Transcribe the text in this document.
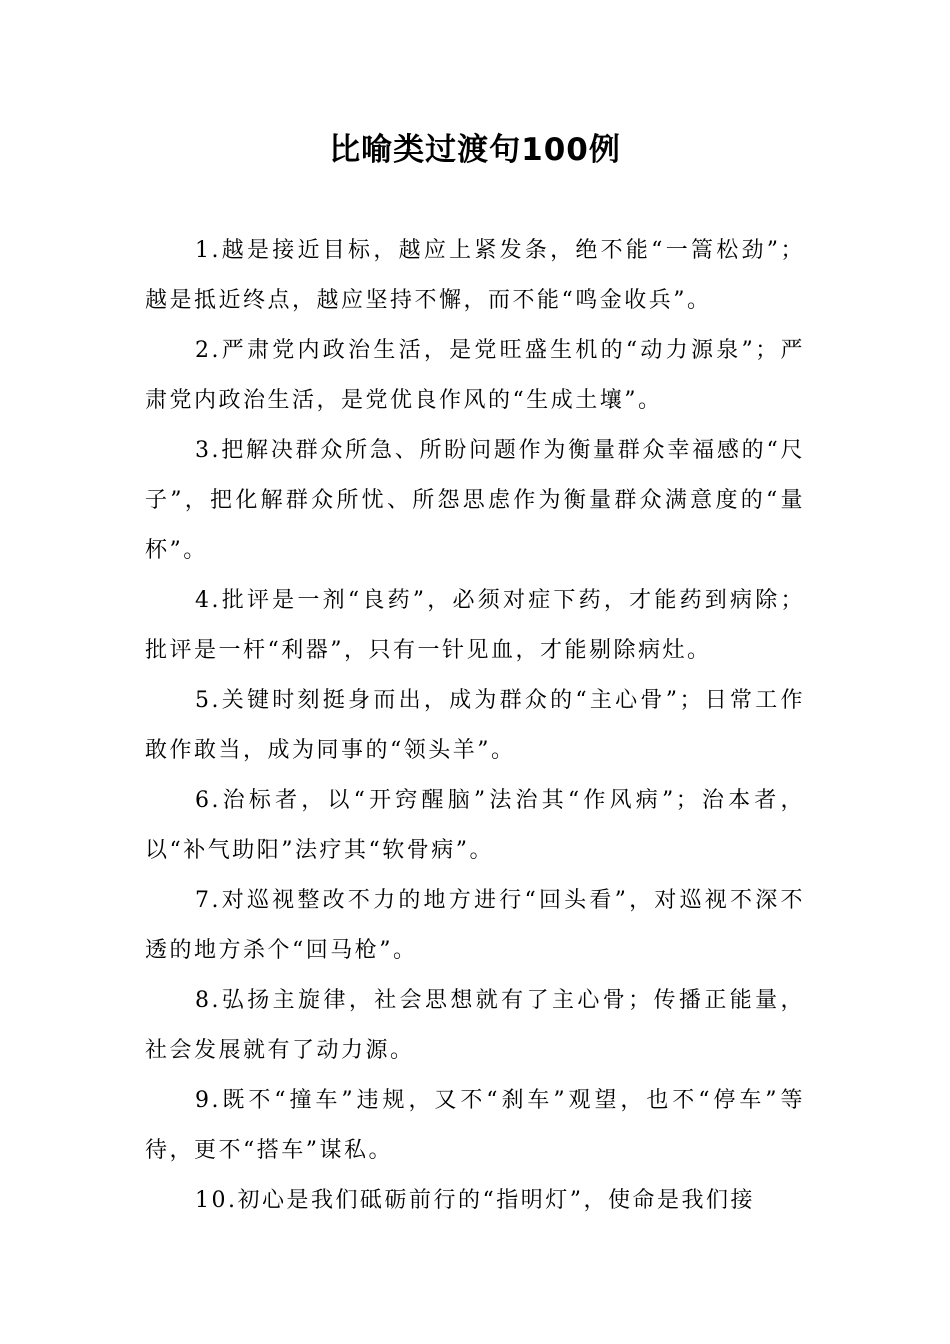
比喻类过渡句100例

1.越是接近目标，越应上紧发条，绝不能“一篙松劲”；越是抵近终点，越应坚持不懈，而不能“鸣金收兵”。

2.严肃党内政治生活，是党旺盛生机的“动力源泉”；严肃党内政治生活，是党优良作风的“生成土壤”。

3.把解决群众所急、所盼问题作为衡量群众幸福感的“尺子”，把化解群众所忧、所怨思虑作为衡量群众满意度的“量杯”。

4.批评是一剂“良药”，必须对症下药，才能药到病除；批评是一杆“利器”，只有一针见血，才能剔除病灶。

5.关键时刻挺身而出，成为群众的“主心骨”；日常工作敢作敢当，成为同事的“领头羊”。

6.治标者，以“开窍醒脑”法治其“作风病”；治本者，以“补气助阳”法疗其“软骨病”。

7.对巡视整改不力的地方进行“回头看”，对巡视不深不透的地方杀个“回马枪”。

8.弘扬主旋律，社会思想就有了主心骨；传播正能量，社会发展就有了动力源。

9.既不“撞车”违规，又不“刹车”观望，也不“停车”等待，更不“搭车”谋私。

10.初心是我们砥砺前行的“指明灯”，使命是我们接
